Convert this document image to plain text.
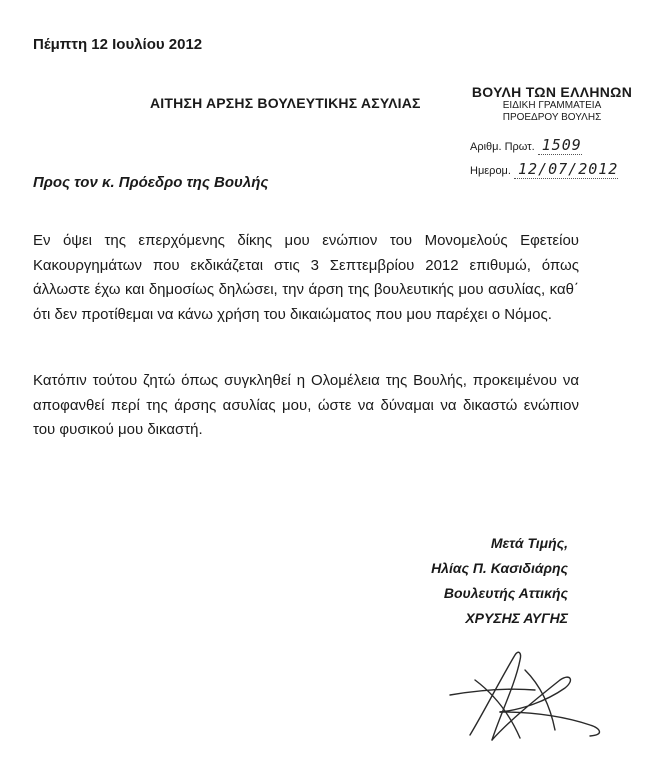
Πέμπτη 12 Ιουλίου 2012
ΑΙΤΗΣΗ ΑΡΣΗΣ ΒΟΥΛΕΥΤΙΚΗΣ ΑΣΥΛΙΑΣ
ΒΟΥΛΗ ΤΩΝ ΕΛΛΗΝΩΝ
ΕΙΔΙΚΗ ΓΡΑΜΜΑΤΕΙΑ
ΠΡΟΕΔΡΟΥ ΒΟΥΛΗΣ
Αριθμ. Πρωτ. 1509
Ημερομ. 12/07/2012
Προς τον κ. Πρόεδρο της Βουλής
Εν όψει της επερχόμενης δίκης μου ενώπιον του Μονομελούς Εφετείου Κακουργημάτων που εκδικάζεται στις 3 Σεπτεμβρίου 2012 επιθυμώ, όπως άλλωστε έχω και δημοσίως δηλώσει, την άρση της βουλευτικής μου ασυλίας, καθ΄ ότι δεν προτίθεμαι να κάνω χρήση του δικαιώματος που μου παρέχει ο Νόμος.
Κατόπιν τούτου ζητώ όπως συγκληθεί η Ολομέλεια της Βουλής, προκειμένου να αποφανθεί περί της άρσης ασυλίας μου, ώστε να δύναμαι να δικαστώ ενώπιον του φυσικού μου δικαστή.
Μετά Τιμής,
Ηλίας Π. Κασιδιάρης
Βουλευτής Αττικής
ΧΡΥΣΗΣ ΑΥΓΗΣ
